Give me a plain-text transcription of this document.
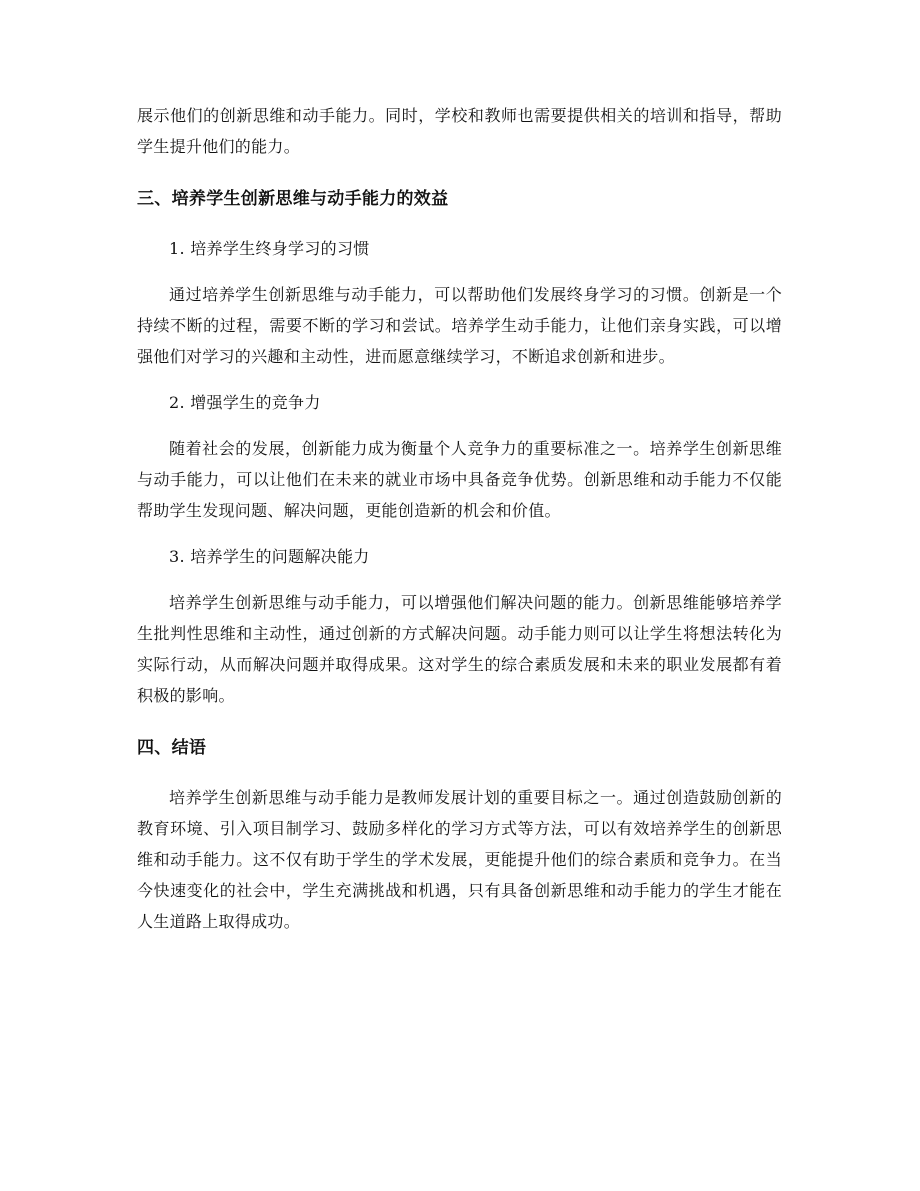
展示他们的创新思维和动手能力。同时，学校和教师也需要提供相关的培训和指导，帮助学生提升他们的能力。

三、培养学生创新思维与动手能力的效益

1. 培养学生终身学习的习惯

通过培养学生创新思维与动手能力，可以帮助他们发展终身学习的习惯。创新是一个持续不断的过程，需要不断的学习和尝试。培养学生动手能力，让他们亲身实践，可以增强他们对学习的兴趣和主动性，进而愿意继续学习，不断追求创新和进步。

2. 增强学生的竞争力

随着社会的发展，创新能力成为衡量个人竞争力的重要标准之一。培养学生创新思维与动手能力，可以让他们在未来的就业市场中具备竞争优势。创新思维和动手能力不仅能帮助学生发现问题、解决问题，更能创造新的机会和价值。

3. 培养学生的问题解决能力

培养学生创新思维与动手能力，可以增强他们解决问题的能力。创新思维能够培养学生批判性思维和主动性，通过创新的方式解决问题。动手能力则可以让学生将想法转化为实际行动，从而解决问题并取得成果。这对学生的综合素质发展和未来的职业发展都有着积极的影响。

四、结语

培养学生创新思维与动手能力是教师发展计划的重要目标之一。通过创造鼓励创新的教育环境、引入项目制学习、鼓励多样化的学习方式等方法，可以有效培养学生的创新思维和动手能力。这不仅有助于学生的学术发展，更能提升他们的综合素质和竞争力。在当今快速变化的社会中，学生充满挑战和机遇，只有具备创新思维和动手能力的学生才能在人生道路上取得成功。
